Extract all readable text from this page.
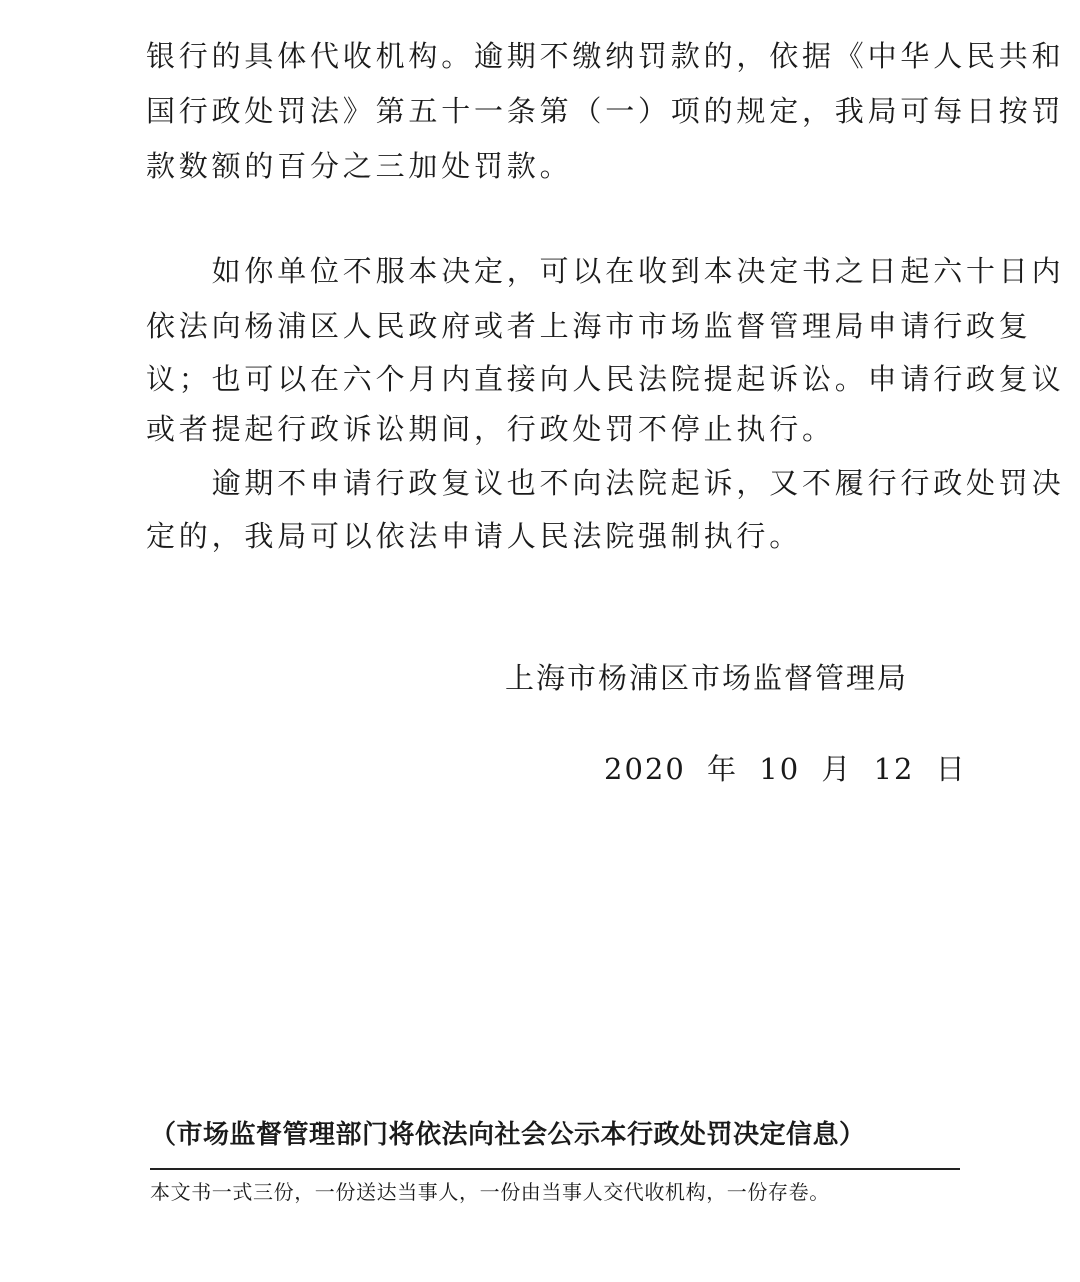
银行的具体代收机构。逾期不缴纳罚款的，依据《中华人民共和
国行政处罚法》第五十一条第（一）项的规定，我局可每日按罚
款数额的百分之三加处罚款。
　　如你单位不服本决定，可以在收到本决定书之日起六十日内
依法向杨浦区人民政府或者上海市市场监督管理局申请行政复
议；也可以在六个月内直接向人民法院提起诉讼。申请行政复议
或者提起行政诉讼期间，行政处罚不停止执行。
　　逾期不申请行政复议也不向法院起诉，又不履行行政处罚决
定的，我局可以依法申请人民法院强制执行。
上海市杨浦区市场监督管理局
2020 年 10 月 12 日
（市场监督管理部门将依法向社会公示本行政处罚决定信息）
本文书一式三份，一份送达当事人，一份由当事人交代收机构，一份存卷。
